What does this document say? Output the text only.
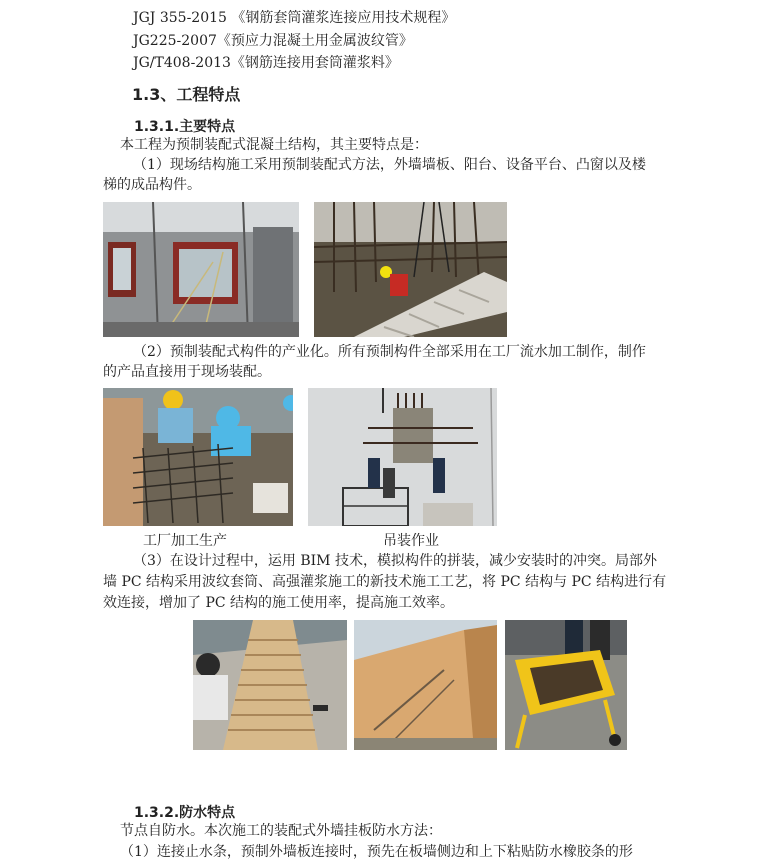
JGJ 355-2015 《钢筋套筒灌浆连接应用技术规程》
JG225-2007《预应力混凝土用金属波纹管》
JG/T408-2013《钢筋连接用套筒灌浆料》
1.3、工程特点
1.3.1.主要特点
本工程为预制装配式混凝土结构，其主要特点是：
（1）现场结构施工采用预制装配式方法，外墙墙板、阳台、设备平台、凸窗以及楼
梯的成品构件。
（2）预制装配式构件的产业化。所有预制构件全部采用在工厂流水加工制作，制作
的产品直接用于现场装配。
工厂加工生产	吊装作业
（3）在设计过程中，运用 BIM 技术，模拟构件的拼装，减少安装时的冲突。局部外
墙 PC 结构采用波纹套筒、高强灌浆施工的新技术施工工艺，将 PC 结构与 PC 结构进行有
效连接，增加了 PC 结构的施工使用率，提高施工效率。
1.3.2.防水特点
节点自防水。本次施工的装配式外墙挂板防水方法：
（1）连接止水条，预制外墙板连接时，预先在板墙侧边和上下粘贴防水橡胶条的形
